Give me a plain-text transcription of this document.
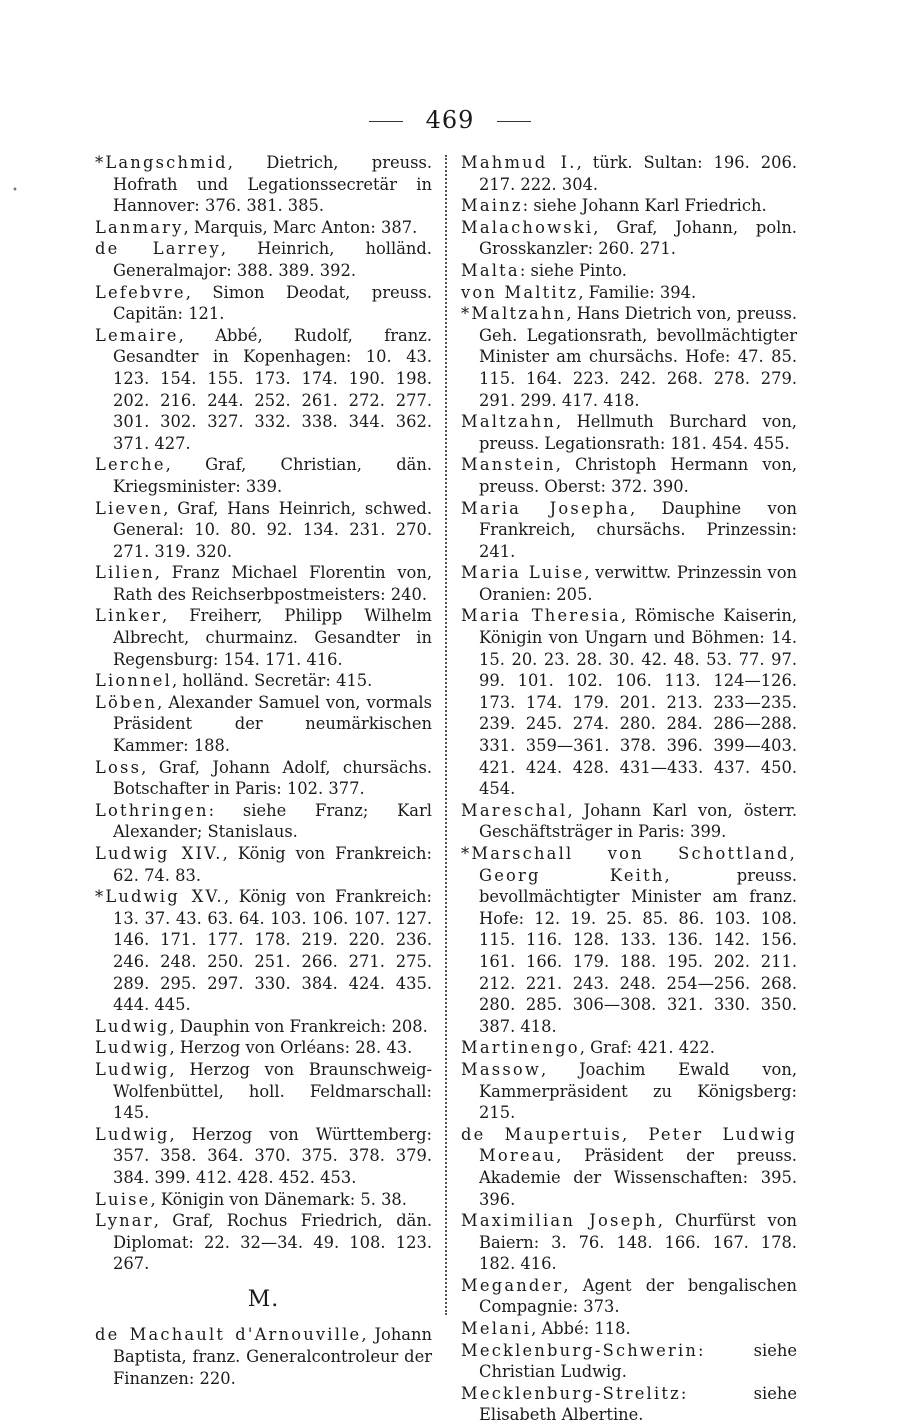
469
•

*Langschmid, Dietrich, preuss. Hofrath und Legationssecretär in Hannover: 376. 381. 385.

Lanmary, Marquis, Marc Anton: 387.

de Larrey, Heinrich, holländ. Generalmajor: 388. 389. 392.

Lefebvre, Simon Deodat, preuss. Capitän: 121.

Lemaire, Abbé, Rudolf, franz. Gesandter in Kopenhagen: 10. 43. 123. 154. 155. 173. 174. 190. 198. 202. 216. 244. 252. 261. 272. 277. 301. 302. 327. 332. 338. 344. 362. 371. 427.

Lerche, Graf, Christian, dän. Kriegsminister: 339.

Lieven, Graf, Hans Heinrich, schwed. General: 10. 80. 92. 134. 231. 270. 271. 319. 320.

Lilien, Franz Michael Florentin von, Rath des Reichserbpostmeisters: 240.

Linker, Freiherr, Philipp Wilhelm Albrecht, churmainz. Gesandter in Regensburg: 154. 171. 416.

Lionnel, holländ. Secretär: 415.

Löben, Alexander Samuel von, vormals Präsident der neumärkischen Kammer: 188.

Loss, Graf, Johann Adolf, chursächs. Botschafter in Paris: 102. 377.

Lothringen: siehe Franz; Karl Alexander; Stanislaus.

Ludwig XIV., König von Frankreich: 62. 74. 83.

*Ludwig XV., König von Frankreich: 13. 37. 43. 63. 64. 103. 106. 107. 127. 146. 171. 177. 178. 219. 220. 236. 246. 248. 250. 251. 266. 271. 275. 289. 295. 297. 330. 384. 424. 435. 444. 445.

Ludwig, Dauphin von Frankreich: 208.

Ludwig, Herzog von Orléans: 28. 43.

Ludwig, Herzog von Braunschweig-Wolfenbüttel, holl. Feldmarschall: 145.

Ludwig, Herzog von Württemberg: 357. 358. 364. 370. 375. 378. 379. 384. 399. 412. 428. 452. 453.

Luise, Königin von Dänemark: 5. 38.

Lynar, Graf, Rochus Friedrich, dän. Diplomat: 22. 32—34. 49. 108. 123. 267.

M.

de Machault d'Arnouville, Johann Baptista, franz. Generalcontroleur der Finanzen: 220.

Mahmud I., türk. Sultan: 196. 206. 217. 222. 304.

Mainz: siehe Johann Karl Friedrich.

Malachowski, Graf, Johann, poln. Grosskanzler: 260. 271.

Malta: siehe Pinto.

von Maltitz, Familie: 394.

*Maltzahn, Hans Dietrich von, preuss. Geh. Legationsrath, bevollmächtigter Minister am chursächs. Hofe: 47. 85. 115. 164. 223. 242. 268. 278. 279. 291. 299. 417. 418.

Maltzahn, Hellmuth Burchard von, preuss. Legationsrath: 181. 454. 455.

Manstein, Christoph Hermann von, preuss. Oberst: 372. 390.

Maria Josepha, Dauphine von Frankreich, chursächs. Prinzessin: 241.

Maria Luise, verwittw. Prinzessin von Oranien: 205.

Maria Theresia, Römische Kaiserin, Königin von Ungarn und Böhmen: 14. 15. 20. 23. 28. 30. 42. 48. 53. 77. 97. 99. 101. 102. 106. 113. 124—126. 173. 174. 179. 201. 213. 233—235. 239. 245. 274. 280. 284. 286—288. 331. 359—361. 378. 396. 399—403. 421. 424. 428. 431—433. 437. 450. 454.

Mareschal, Johann Karl von, österr. Geschäftsträger in Paris: 399.

*Marschall von Schottland, Georg Keith, preuss. bevollmächtigter Minister am franz. Hofe: 12. 19. 25. 85. 86. 103. 108. 115. 116. 128. 133. 136. 142. 156. 161. 166. 179. 188. 195. 202. 211. 212. 221. 243. 248. 254—256. 268. 280. 285. 306—308. 321. 330. 350. 387. 418.

Martinengo, Graf: 421. 422.

Massow, Joachim Ewald von, Kammerpräsident zu Königsberg: 215.

de Maupertuis, Peter Ludwig Moreau, Präsident der preuss. Akademie der Wissenschaften: 395. 396.

Maximilian Joseph, Churfürst von Baiern: 3. 76. 148. 166. 167. 178. 182. 416.

Megander, Agent der bengalischen Compagnie: 373.

Melani, Abbé: 118.

Mecklenburg-Schwerin: siehe Christian Ludwig.

Mecklenburg-Strelitz: siehe Elisabeth Albertine.
